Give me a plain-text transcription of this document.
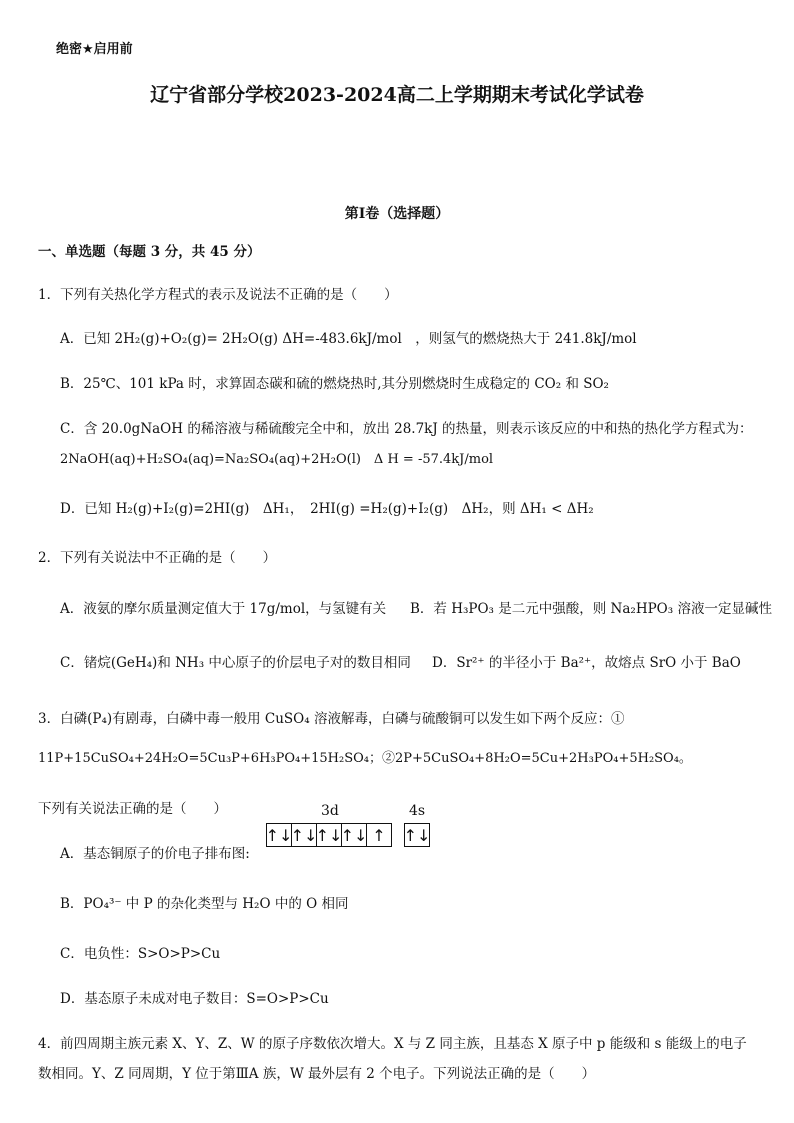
绝密★启用前
辽宁省部分学校2023-2024高二上学期期末考试化学试卷
第Ⅰ卷（选择题）
一、单选题（每题 3 分，共 45 分）
1．下列有关热化学方程式的表示及说法不正确的是（　　）
A．已知 2H₂(g)+O₂(g)= 2H₂O(g) ΔH=-483.6kJ/mol　，则氢气的燃烧热大于 241.8kJ/mol
B．25℃、101 kPa 时，求算固态碳和硫的燃烧热时,其分别燃烧时生成稳定的 CO₂ 和 SO₂
C．含 20.0gNaOH 的稀溶液与稀硫酸完全中和，放出 28.7kJ 的热量，则表示该反应的中和热的热化学方程式为：
2NaOH(aq)+H₂SO₄(aq)=Na₂SO₄(aq)+2H₂O(l)　Δ H = -57.4kJ/mol
D．已知 H₂(g)+I₂(g)=2HI(g)　ΔH₁，　2HI(g) =H₂(g)+I₂(g)　ΔH₂，则 ΔH₁ < ΔH₂
2．下列有关说法中不正确的是（　　）
A．液氨的摩尔质量测定值大于 17g/mol，与氢键有关 B．若 H₃PO₃ 是二元中强酸，则 Na₂HPO₃ 溶液一定显碱性
C．锗烷(GeH₄)和 NH₃ 中心原子的价层电子对的数目相同 D．Sr²⁺ 的半径小于 Ba²⁺，故熔点 SrO 小于 BaO
3．白磷(P₄)有剧毒，白磷中毒一般用 CuSO₄ 溶液解毒，白磷与硫酸铜可以发生如下两个反应：①
11P+15CuSO₄+24H₂O=5Cu₃P+6H₃PO₄+15H₂SO₄；②2P+5CuSO₄+8H₂O=5Cu+2H₃PO₄+5H₂SO₄。
下列有关说法正确的是（　　）
A．基态铜原子的价电子排布图:
3d	4s
↑↓
↑↓
↑↓
↑↓ ↑	↑↓
B．PO₄³⁻ 中 P 的杂化类型与 H₂O 中的 O 相同
C．电负性：S>O>P>Cu
D．基态原子未成对电子数目：S=O>P>Cu
4．前四周期主族元素 X、Y、Z、W 的原子序数依次增大。X 与 Z 同主族，且基态 X 原子中 p 能级和 s 能级上的电子
数相同。Y、Z 同周期，Y 位于第ⅢA 族，W 最外层有 2 个电子。下列说法正确的是（　　）
